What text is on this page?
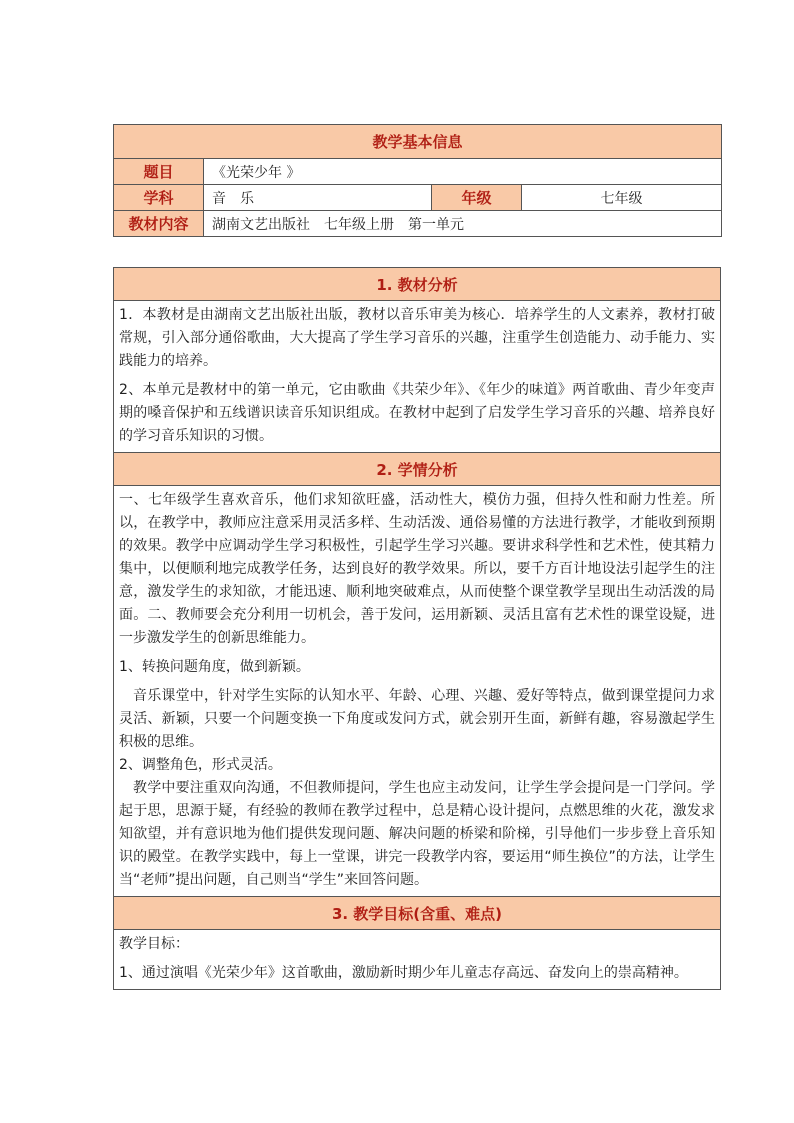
教学基本信息			
题目	《光荣少年 》		
学科	音　乐	年级	七年级
教材内容	湖南文艺出版社　七年级上册　第一单元		
1. 教材分析

1．本教材是由湖南文艺出版社出版，教材以音乐审美为核心．培养学生的人文素养，教材打破常规，引入部分通俗歌曲，大大提高了学生学习音乐的兴趣，注重学生创造能力、动手能力、实践能力的培养。

2、本单元是教材中的第一单元，它由歌曲《共荣少年》、《年少的味道》两首歌曲、青少年变声期的嗓音保护和五线谱识读音乐知识组成。在教材中起到了启发学生学习音乐的兴趣、培养良好的学习音乐知识的习惯。

2. 学情分析

一、七年级学生喜欢音乐，他们求知欲旺盛，活动性大，模仿力强，但持久性和耐力性差。所以，在教学中，教师应注意采用灵活多样、生动活泼、通俗易懂的方法进行教学，才能收到预期的效果。教学中应调动学生学习积极性，引起学生学习兴趣。要讲求科学性和艺术性，使其精力集中，以便顺利地完成教学任务，达到良好的教学效果。所以，要千方百计地设法引起学生的注意，激发学生的求知欲，才能迅速、顺利地突破难点，从而使整个课堂教学呈现出生动活泼的局面。二、教师要会充分利用一切机会，善于发问，运用新颖、灵活且富有艺术性的课堂设疑，进一步激发学生的创新思维能力。

1、转换问题角度，做到新颖。

音乐课堂中，针对学生实际的认知水平、年龄、心理、兴趣、爱好等特点，做到课堂提问力求灵活、新颖，只要一个问题变换一下角度或发问方式，就会别开生面，新鲜有趣，容易激起学生积极的思维。

2、调整角色，形式灵活。

教学中要注重双向沟通，不但教师提问，学生也应主动发问，让学生学会提问是一门学问。学起于思，思源于疑，有经验的教师在教学过程中，总是精心设计提问，点燃思维的火花，激发求知欲望，并有意识地为他们提供发现问题、解决问题的桥梁和阶梯，引导他们一步步登上音乐知识的殿堂。在教学实践中，每上一堂课，讲完一段教学内容，要运用“师生换位”的方法，让学生当“老师”提出问题，自己则当“学生”来回答问题。

3. 教学目标(含重、难点)

教学目标：

1、通过演唱《光荣少年》这首歌曲，激励新时期少年儿童志存高远、奋发向上的崇高精神。
